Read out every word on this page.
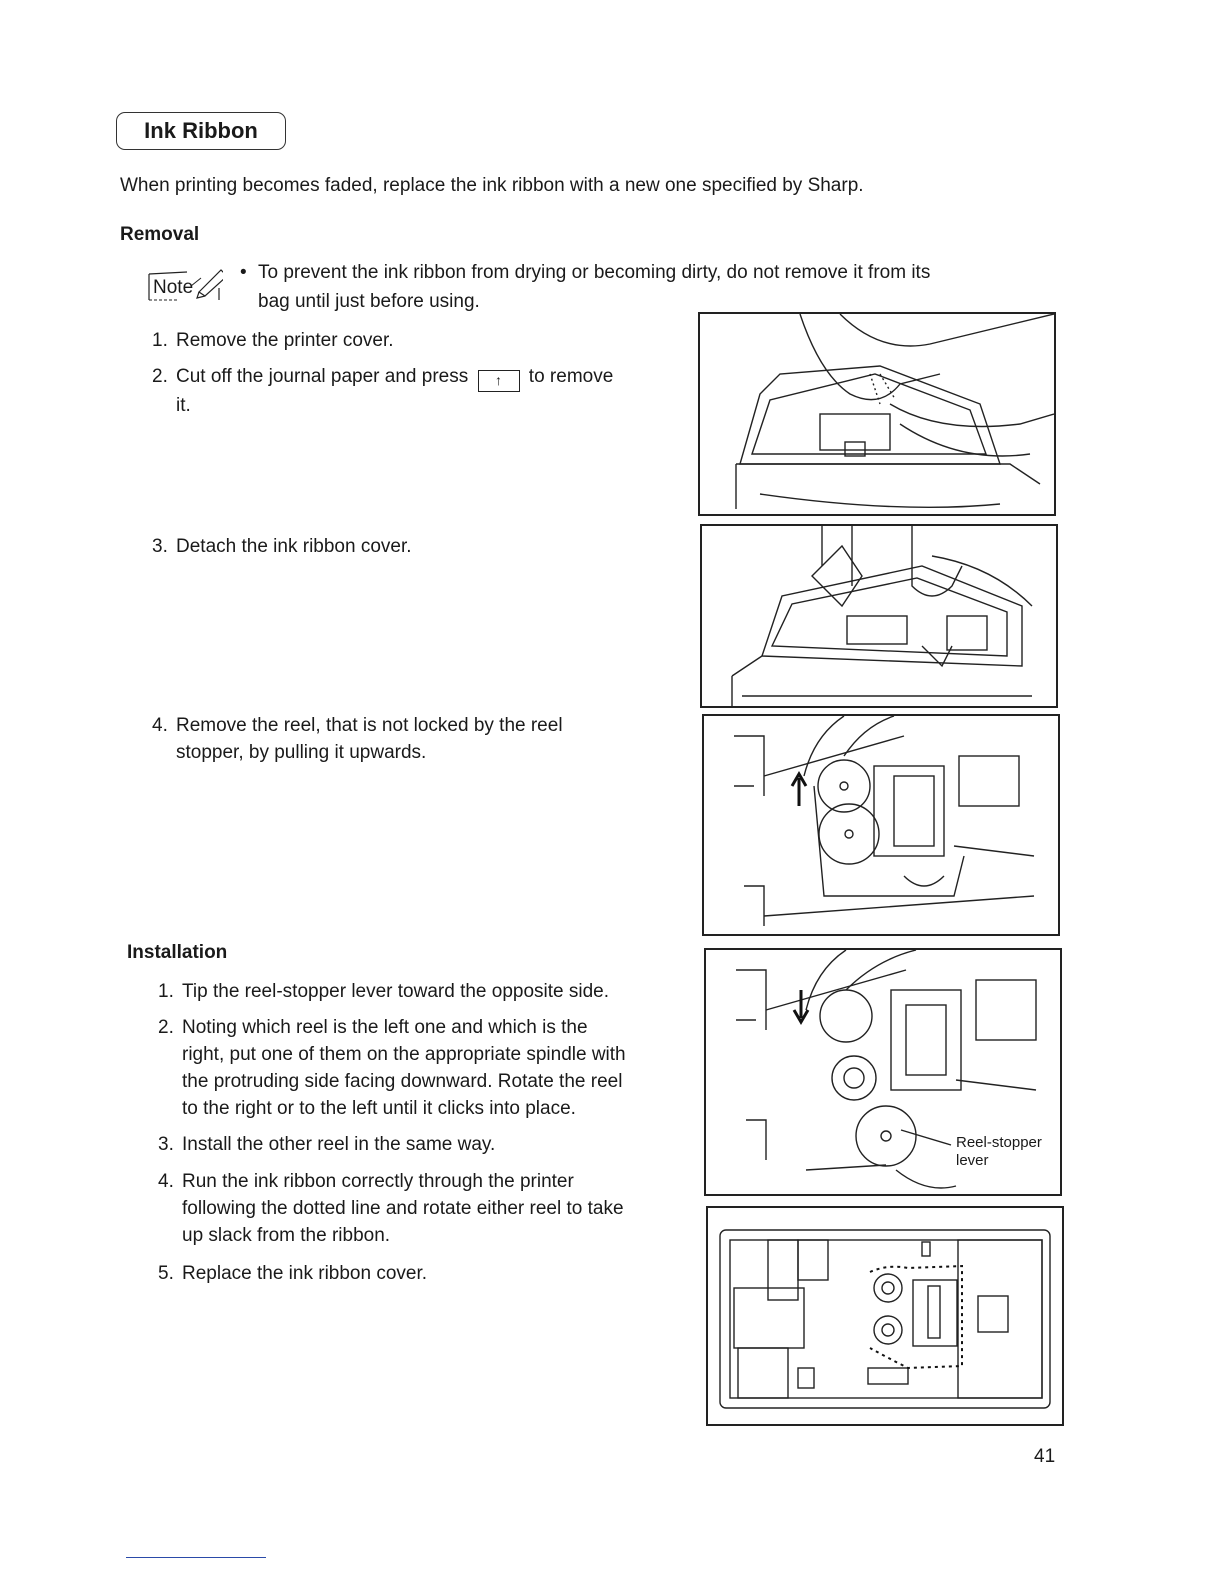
Ink Ribbon
When printing becomes faded, replace the ink ribbon with a new one specified by Sharp.
Removal
Note
• To prevent the ink ribbon from drying or becoming dirty, do not remove it from its
bag until just before using.
1. Remove the printer cover.
2. Cut off the journal paper and press ↑ to remove
it.
3. Detach the ink ribbon cover.
4. Remove the reel, that is not locked by the reel
stopper, by pulling it upwards.
Installation
1. Tip the reel-stopper lever toward the opposite side.
2. Noting which reel is the left one and which is the
right, put one of them on the appropriate spindle with
the protruding side facing downward. Rotate the reel
to the right or to the left until it clicks into place.
3. Install the other reel in the same way.
4. Run the ink ribbon correctly through the printer
following the dotted line and rotate either reel to take
up slack from the ribbon.
5. Replace the ink ribbon cover.
Reel-stopper
lever
41
